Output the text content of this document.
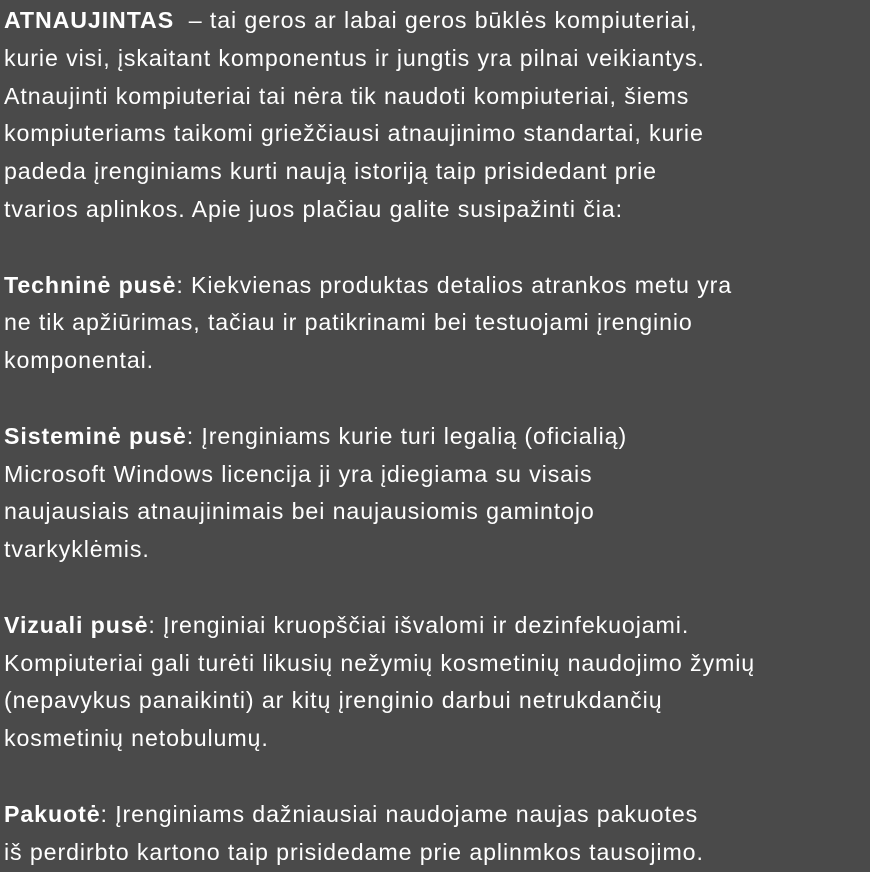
ATNAUJINTAS  – tai geros ar labai geros būklės kompiuteriai,
kurie visi, įskaitant komponentus ir jungtis yra pilnai veikiantys.
Atnaujinti kompiuteriai tai nėra tik naudoti kompiuteriai, šiems
kompiuteriams taikomi griežčiausi atnaujinimo standartai, kurie
padeda įrenginiams kurti naują istoriją taip prisidedant prie
tvarios aplinkos. Apie juos plačiau galite susipažinti čia:

Techninė pusė: Kiekvienas produktas detalios atrankos metu yra
ne tik apžiūrimas, tačiau ir patikrinami bei testuojami įrenginio
komponentai.

Sisteminė pusė: Įrenginiams kurie turi legalią (oficialią)
Microsoft Windows licencija ji yra įdiegiama su visais
naujausiais atnaujinimais bei naujausiomis gamintojo
tvarkyklėmis.

Vizuali pusė: Įrenginiai kruopščiai išvalomi ir dezinfekuojami.
Kompiuteriai gali turėti likusių nežymių kosmetinių naudojimo žymių
(nepavykus panaikinti) ar kitų įrenginio darbui netrukdančių
kosmetinių netobulumų.

Pakuotė: Įrenginiams dažniausiai naudojame naujas pakuotes
iš perdirbto kartono taip prisidedame prie aplinmkos tausojimo.
